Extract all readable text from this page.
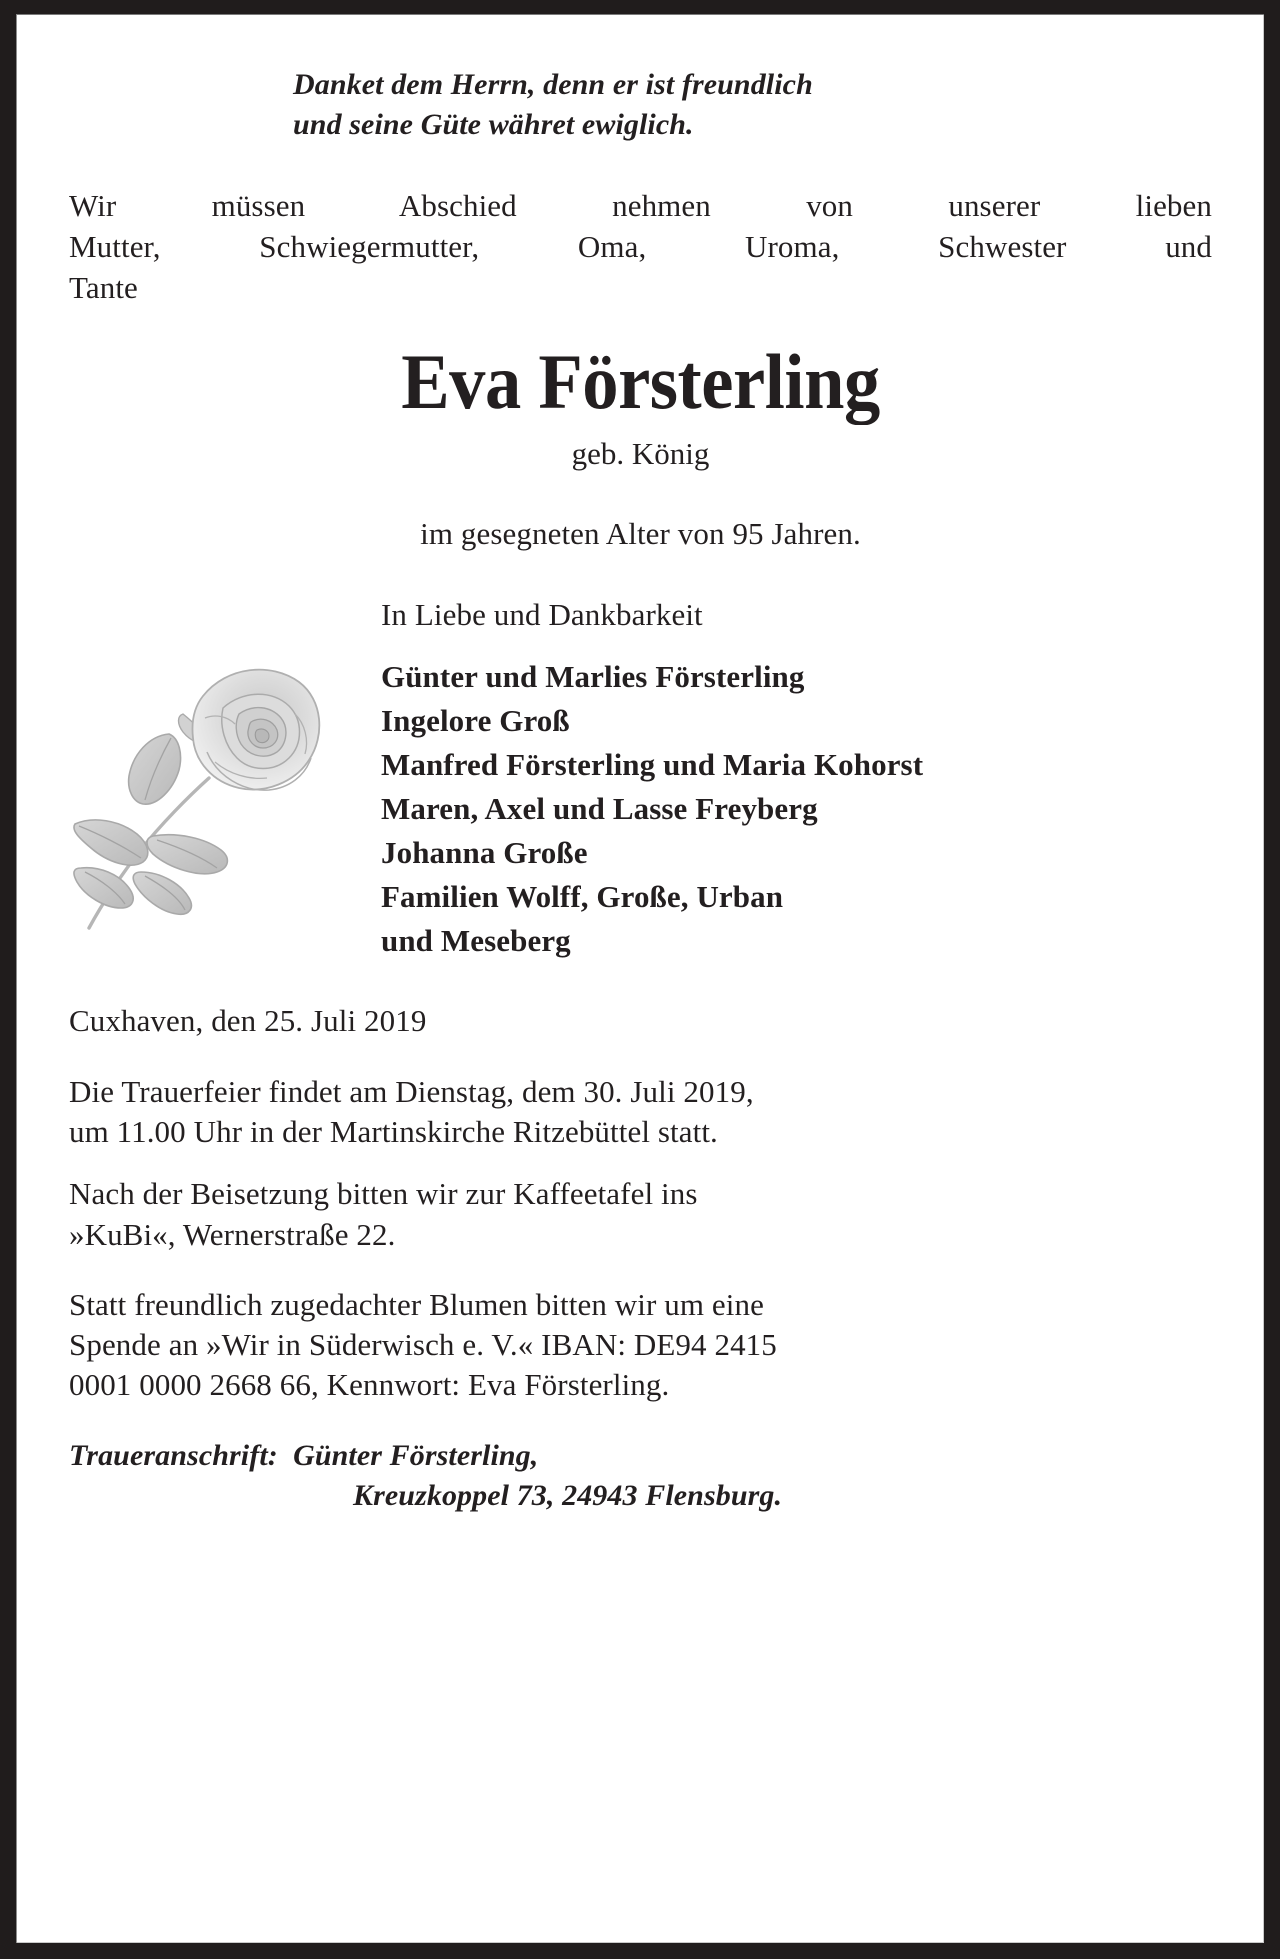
Danket dem Herrn, denn er ist freundlich
und seine Güte währet ewiglich.
Wir müssen Abschied nehmen von unserer lieben
Mutter, Schwiegermutter, Oma, Uroma, Schwester und
Tante
Eva Försterling
geb. König
im gesegneten Alter von 95 Jahren.
In Liebe und Dankbarkeit
Günter und Marlies Försterling
Ingelore Groß
Manfred Försterling und Maria Kohorst
Maren, Axel und Lasse Freyberg
Johanna Große
Familien Wolff, Große, Urban
und Meseberg
Cuxhaven, den 25. Juli 2019
Die Trauerfeier findet am Dienstag, dem 30. Juli 2019,
um 11.00 Uhr in der Martinskirche Ritzebüttel statt.
Nach der Beisetzung bitten wir zur Kaffeetafel ins
»KuBi«, Wernerstraße 22.
Statt freundlich zugedachter Blumen bitten wir um eine
Spende an »Wir in Süderwisch e. V.« IBAN: DE94 2415
0001 0000 2668 66, Kennwort: Eva Försterling.
Traueranschrift: Günter Försterling,
Kreuzkoppel 73, 24943 Flensburg.
